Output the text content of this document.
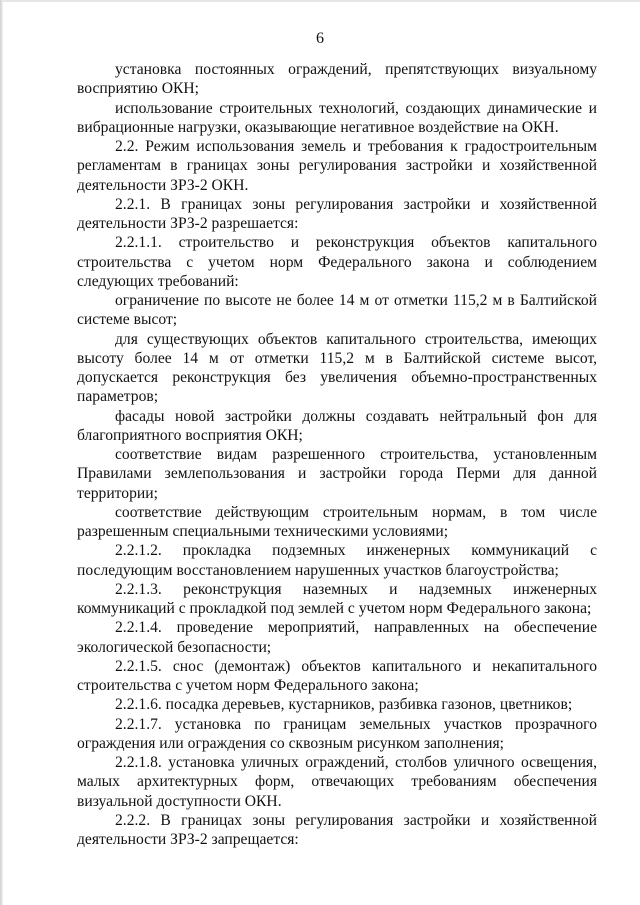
6

установка постоянных ограждений, препятствующих визуальному восприятию ОКН;

использование строительных технологий, создающих динамические и вибрационные нагрузки, оказывающие негативное воздействие на ОКН.

2.2. Режим использования земель и требования к градостроительным регламентам в границах зоны регулирования застройки и хозяйственной деятельности ЗРЗ-2 ОКН.

2.2.1. В границах зоны регулирования застройки и хозяйственной деятельности ЗРЗ-2 разрешается:

2.2.1.1. строительство и реконструкция объектов капитального строительства с учетом норм Федерального закона и соблюдением следующих требований:

ограничение по высоте не более 14 м от отметки 115,2 м в Балтийской системе высот;

для существующих объектов капитального строительства, имеющих высоту более 14 м от отметки 115,2 м в Балтийской системе высот, допускается реконструкция без увеличения объемно-пространственных параметров;

фасады новой застройки должны создавать нейтральный фон для благоприятного восприятия ОКН;

соответствие видам разрешенного строительства, установленным Правилами землепользования и застройки города Перми для данной территории;

соответствие действующим строительным нормам, в том числе разрешенным специальными техническими условиями;

2.2.1.2. прокладка подземных инженерных коммуникаций с последующим восстановлением нарушенных участков благоустройства;

2.2.1.3. реконструкция наземных и надземных инженерных коммуникаций с прокладкой под землей с учетом норм Федерального закона;

2.2.1.4. проведение мероприятий, направленных на обеспечение экологической безопасности;

2.2.1.5. снос (демонтаж) объектов капитального и некапитального строительства с учетом норм Федерального закона;

2.2.1.6. посадка деревьев, кустарников, разбивка газонов, цветников;

2.2.1.7. установка по границам земельных участков прозрачного ограждения или ограждения со сквозным рисунком заполнения;

2.2.1.8. установка уличных ограждений, столбов уличного освещения, малых архитектурных форм, отвечающих требованиям обеспечения визуальной доступности ОКН.

2.2.2. В границах зоны регулирования застройки и хозяйственной деятельности ЗРЗ-2 запрещается:
